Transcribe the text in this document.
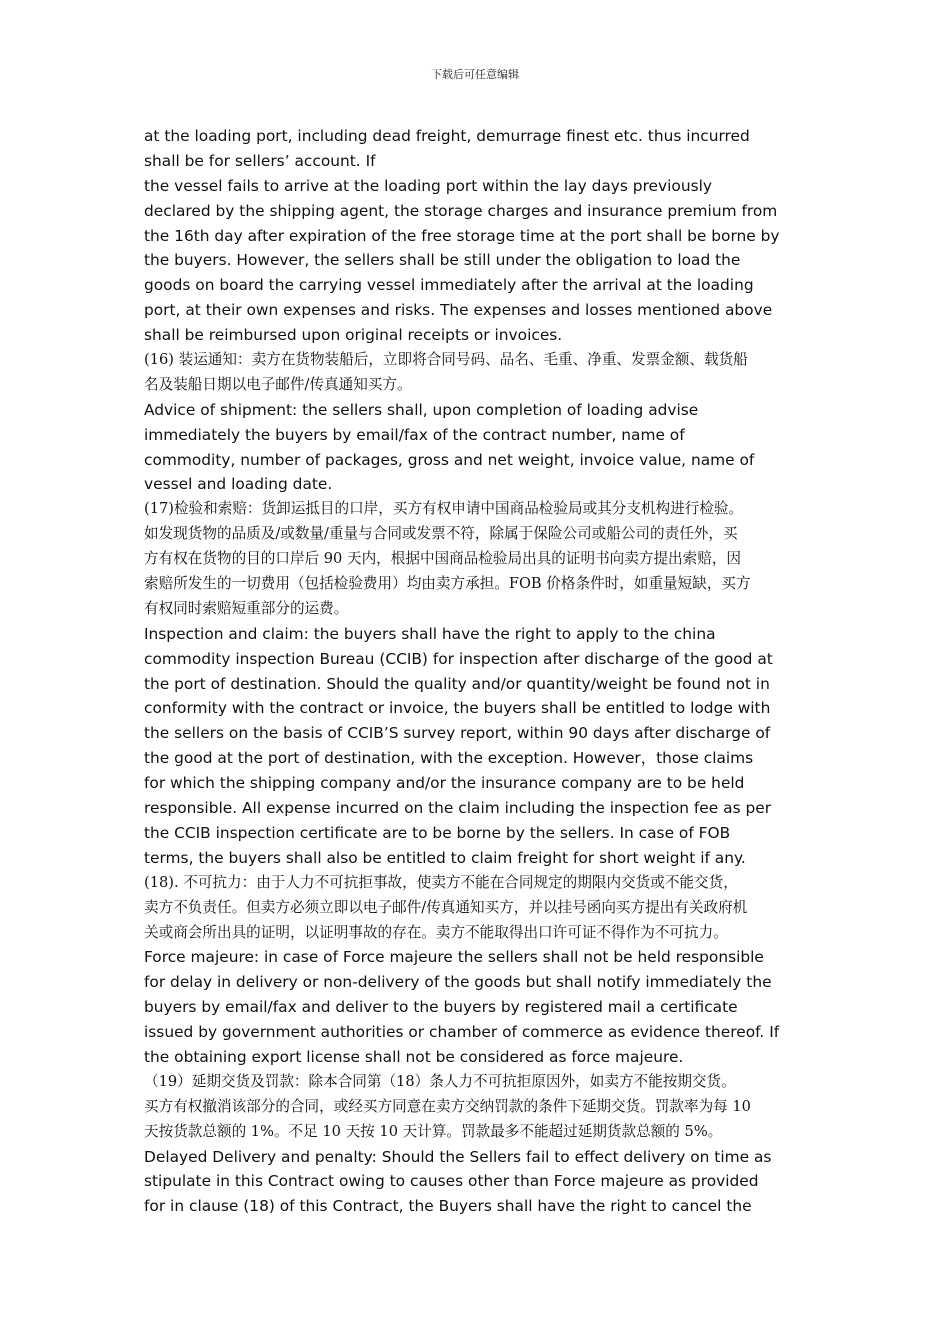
下载后可任意编辑
at the loading port, including dead freight, demurrage finest etc. thus incurred
shall be for sellers’ account. If
the vessel fails to arrive at the loading port within the lay days previously
declared by the shipping agent, the storage charges and insurance premium from
the 16th day after expiration of the free storage time at the port shall be borne by
the buyers. However, the sellers shall be still under the obligation to load the
goods on board the carrying vessel immediately after the arrival at the loading
port, at their own expenses and risks. The expenses and losses mentioned above
shall be reimbursed upon original receipts or invoices.
(16) 装运通知：卖方在货物装船后，立即将合同号码、品名、毛重、净重、发票金额、载货船
名及装船日期以电子邮件/传真通知买方。
Advice of shipment: the sellers shall, upon completion of loading advise
immediately the buyers by email/fax of the contract number, name of
commodity, number of packages, gross and net weight, invoice value, name of
vessel and loading date.
(17)检验和索赔：货卸运抵目的口岸，买方有权申请中国商品检验局或其分支机构进行检验。
如发现货物的品质及/或数量/重量与合同或发票不符，除属于保险公司或船公司的责任外，买
方有权在货物的目的口岸后 90 天内，根据中国商品检验局出具的证明书向卖方提出索赔，因
索赔所发生的一切费用（包括检验费用）均由卖方承担。FOB 价格条件时，如重量短缺，买方
有权同时索赔短重部分的运费。
Inspection and claim: the buyers shall have the right to apply to the china
commodity inspection Bureau (CCIB) for inspection after discharge of the good at
the port of destination. Should the quality and/or quantity/weight be found not in
conformity with the contract or invoice, the buyers shall be entitled to lodge with
the sellers on the basis of CCIB’S survey report, within 90 days after discharge of
the good at the port of destination, with the exception. However，those claims
for which the shipping company and/or the insurance company are to be held
responsible. All expense incurred on the claim including the inspection fee as per
the CCIB inspection certificate are to be borne by the sellers. In case of FOB
terms, the buyers shall also be entitled to claim freight for short weight if any.
(18). 不可抗力：由于人力不可抗拒事故，使卖方不能在合同规定的期限内交货或不能交货，
卖方不负责任。但卖方必须立即以电子邮件/传真通知买方，并以挂号函向买方提出有关政府机
关或商会所出具的证明，以证明事故的存在。卖方不能取得出口许可证不得作为不可抗力。
Force majeure: in case of Force majeure the sellers shall not be held responsible
for delay in delivery or non-delivery of the goods but shall notify immediately the
buyers by email/fax and deliver to the buyers by registered mail a certificate
issued by government authorities or chamber of commerce as evidence thereof. If
the obtaining export license shall not be considered as force majeure.
（19）延期交货及罚款：除本合同第（18）条人力不可抗拒原因外，如卖方不能按期交货。
买方有权撤消该部分的合同，或经买方同意在卖方交纳罚款的条件下延期交货。罚款率为每 10
天按货款总额的 1%。不足 10 天按 10 天计算。罚款最多不能超过延期货款总额的 5%。
Delayed Delivery and penalty: Should the Sellers fail to effect delivery on time as
stipulate in this Contract owing to causes other than Force majeure as provided
for in clause (18) of this Contract, the Buyers shall have the right to cancel the
